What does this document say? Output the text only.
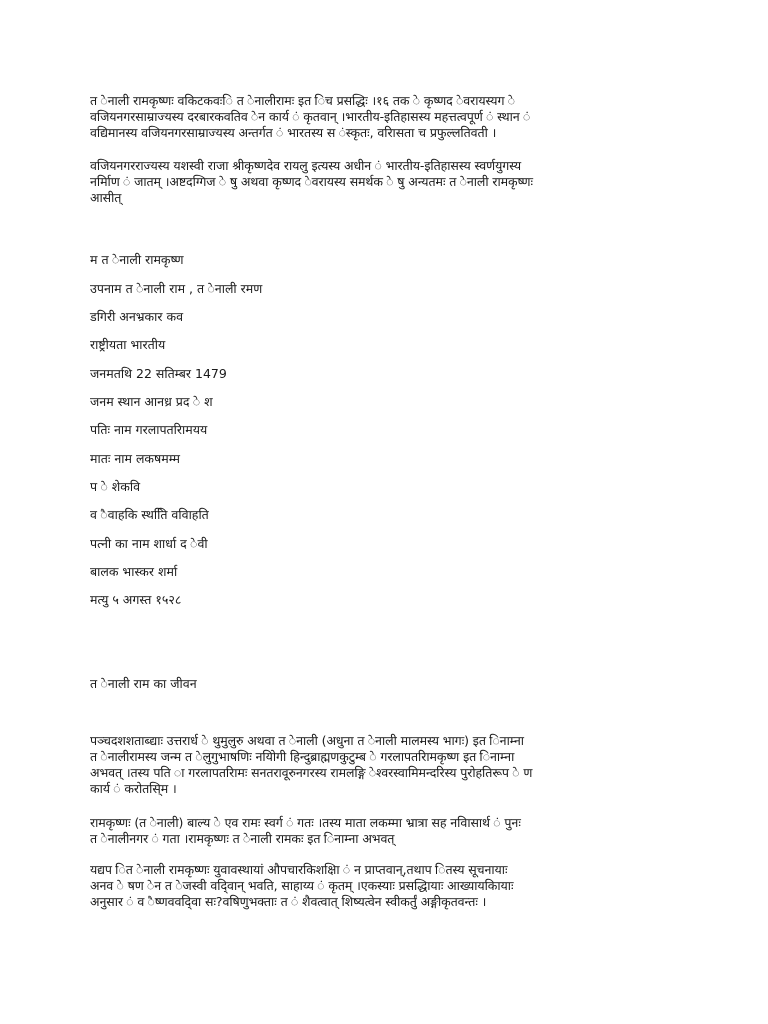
त ेनाली रामकृष्णः वकिटकवःि त ेनालीरामः इत िच प्रसद्धिः ।१६ तक े कृष्णद ेवरायस्यग े
वजियनगरसाम्राज्यस्य दरबारकवतिव ेन कार्य ं कृतवान् ।भारतीय-इतिहासस्य महत्तत्वपूर्ण ं स्थान ं
वद्यिमानस्य वजियनगरसाम्राज्यस्य अन्तर्गत ं भारतस्य स ंस्कृतः, वरिासता च प्रफुल्लतिवती ।
वजियनगरराज्यस्य यशस्वी राजा श्रीकृष्णदेव रायलु इत्यस्य अधीन ं भारतीय-इतिहासस्य स्वर्णयुगस्य
नर्मिाण ं जातम् ।अष्टदग्गिज े षु अथवा कृष्णद ेवरायस्य समर्थक े षु अन्यतमः त ेनाली रामकृष्णः
आसीत्
म त ेनाली रामकृष्ण
उपनाम त ेनाली राम , त ेनाली रमण
डगिरी अनभ्रकार कव
राष्ट्रीयता भारतीय
जनमतथि 22 सतिम्बर 1479
जनम स्थान आनध्र प्रद े श
पतिः नाम गरलापतरिामयय
मातः नाम लकषमम्म
प े शेकवि
व ैवाहकि स्थतिि ववािहति
पत्नी का नाम शार्धा द ेवी
बालक भास्कर शर्मा
मत्यु ५ अगस्त १५२८
त ेनाली राम का जीवन
पञ्चदशशताब्द्याः उत्तरार्ध े थुमुलुरु अथवा त ेनाली (अधुना त ेनाली मालमस्य भागः) इत िनाम्ना
त ेनालीरामस्य जन्म त ेलुगुभाषणिः नयिोगी हिन्दुब्राह्मणकुटुम्ब े गरलापतरिामकृष्ण इत िनाम्ना
अभवत् ।तस्य पति ा गरलापतरिामः सनतरावूरुनगरस्य रामलङ्गि ेश्वरस्वामिमन्दरिस्य पुरोहतिरूप े ण
कार्य ं करोतसि्म ।
रामकृष्णः (त ेनाली) बाल्य े एव रामः स्वर्ग ं गतः ।तस्य माता लकम्मा भ्रात्रा सह नवािसार्थ ं पुनः
त ेनालीनगर ं गता ।रामकृष्णः त ेनाली रामकः इत िनाम्ना अभवत्
यद्यप ित ेनाली रामकृष्णः युवावस्थायां औपचारकिशक्षिा ं न प्राप्तवान्,तथाप ितस्य सूचनायाः
अनव े षण ेन त ेजस्वी वदि्वान् भवति, साहाय्य ं कृतम् ।एकस्याः प्रसद्धिायाः आख्यायकिायाः
अनुसार ं व ैष्णववदि्वा सः?वषिणुभक्ताः त ं शैवत्वात् शिष्यत्वेन स्वीकर्तुं अङ्गीकृतवन्तः ।
